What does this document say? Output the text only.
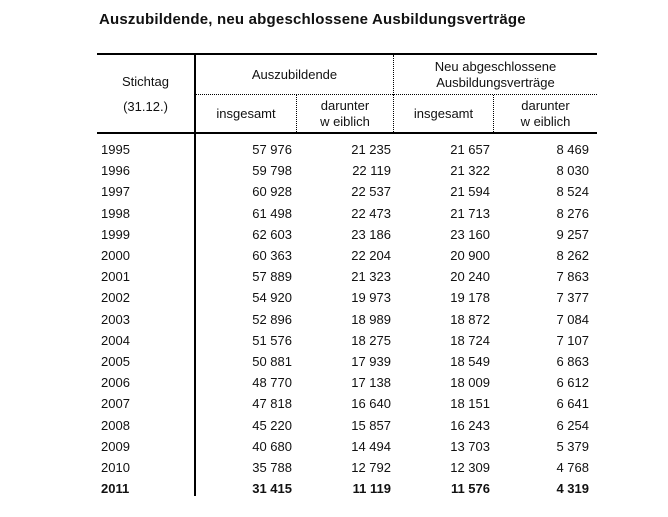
Auszubildende, neu abgeschlossene Ausbildungsverträge
Stichtag
(31.12.)
Auszubildende
Neu abgeschlossene
Ausbildungsverträge
insgesamt
darunter
w eiblich
insgesamt
darunter
w eiblich
1995	57 976	21 235	21 657	8 469
1996	59 798	22 119	21 322	8 030
1997	60 928	22 537	21 594	8 524
1998	61 498	22 473	21 713	8 276
1999	62 603	23 186	23 160	9 257
2000	60 363	22 204	20 900	8 262
2001	57 889	21 323	20 240	7 863
2002	54 920	19 973	19 178	7 377
2003	52 896	18 989	18 872	7 084
2004	51 576	18 275	18 724	7 107
2005	50 881	17 939	18 549	6 863
2006	48 770	17 138	18 009	6 612
2007	47 818	16 640	18 151	6 641
2008	45 220	15 857	16 243	6 254
2009	40 680	14 494	13 703	5 379
2010	35 788	12 792	12 309	4 768
2011	31 415	11 119	11 576	4 319
